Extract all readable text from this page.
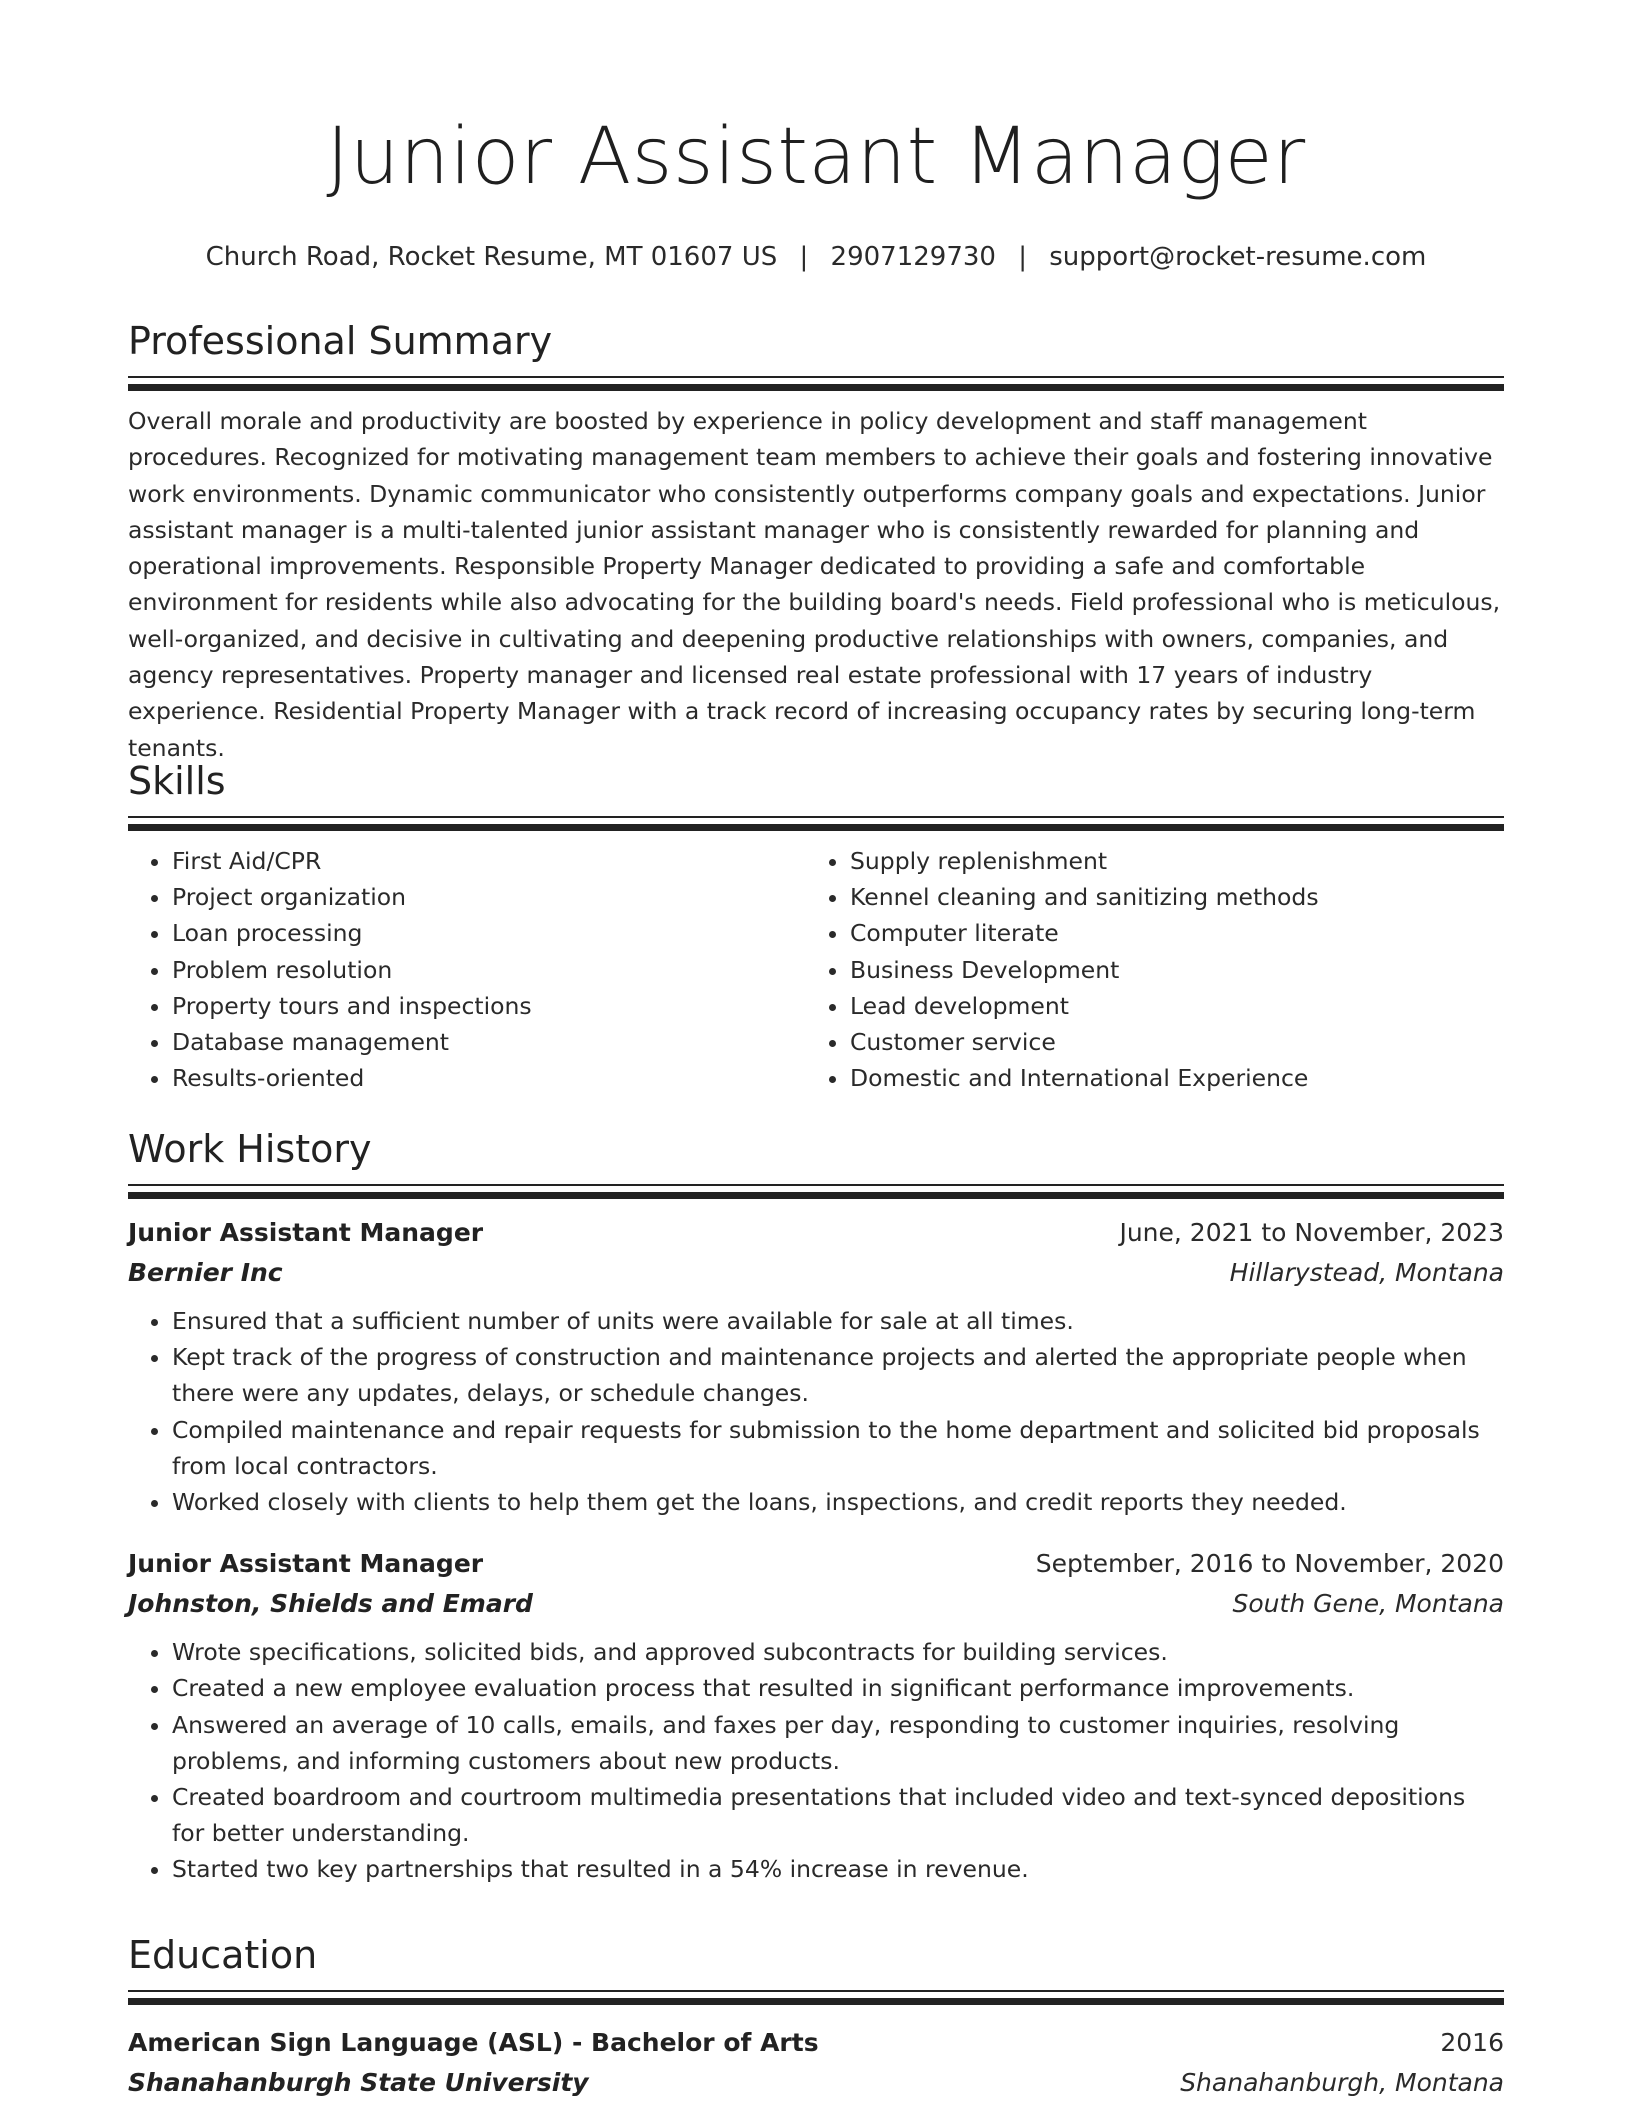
Junior Assistant Manager
Church Road, Rocket Resume, MT 01607 US | 2907129730 | support@rocket-resume.com
Professional Summary

Overall morale and productivity are boosted by experience in policy development and staff management procedures. Recognized for motivating management team members to achieve their goals and fostering innovative work environments. Dynamic communicator who consistently outperforms company goals and expectations. Junior assistant manager is a multi-talented junior assistant manager who is consistently rewarded for planning and operational improvements. Responsible Property Manager dedicated to providing a safe and comfortable environment for residents while also advocating for the building board's needs. Field professional who is meticulous, well-organized, and decisive in cultivating and deepening productive relationships with owners, companies, and agency representatives. Property manager and licensed real estate professional with 17 years of industry experience. Residential Property Manager with a track record of increasing occupancy rates by securing long-term tenants.

Skills
• First Aid/CPR
• Project organization
• Loan processing
• Problem resolution
• Property tours and inspections
• Database management
• Results-oriented
• Supply replenishment
• Kennel cleaning and sanitizing methods
• Computer literate
• Business Development
• Lead development
• Customer service
• Domestic and International Experience
Work History
Junior Assistant Manager	June, 2021 to November, 2023
Bernier Inc	Hillarystead, Montana
• Ensured that a sufficient number of units were available for sale at all times.
• Kept track of the progress of construction and maintenance projects and alerted the appropriate people when there were any updates, delays, or schedule changes.
• Compiled maintenance and repair requests for submission to the home department and solicited bid proposals from local contractors.
• Worked closely with clients to help them get the loans, inspections, and credit reports they needed.
Junior Assistant Manager	September, 2016 to November, 2020
Johnston, Shields and Emard	South Gene, Montana
• Wrote specifications, solicited bids, and approved subcontracts for building services.
• Created a new employee evaluation process that resulted in significant performance improvements.
• Answered an average of 10 calls, emails, and faxes per day, responding to customer inquiries, resolving problems, and informing customers about new products.
• Created boardroom and courtroom multimedia presentations that included video and text-synced depositions for better understanding.
• Started two key partnerships that resulted in a 54% increase in revenue.
Education
American Sign Language (ASL) - Bachelor of Arts	2016
Shanahanburgh State University	Shanahanburgh, Montana
